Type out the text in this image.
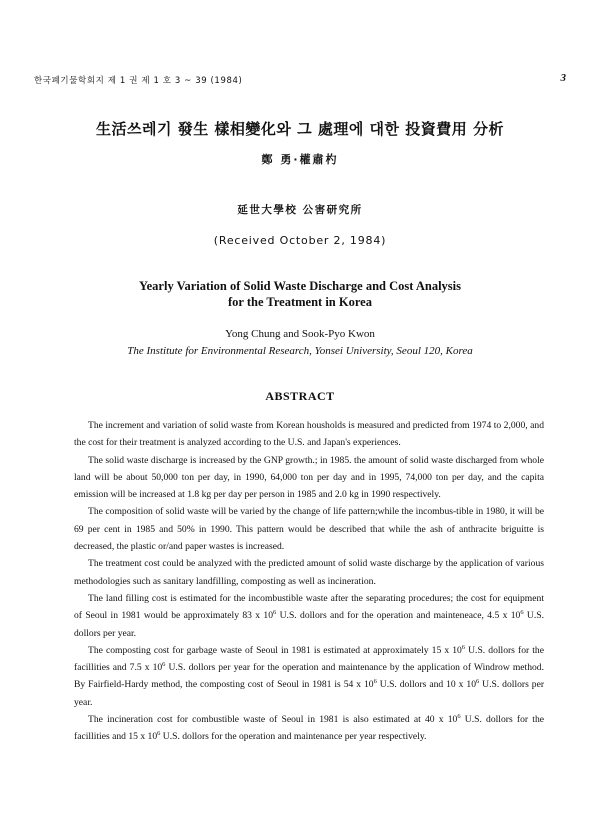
한국폐기물학회지 제 1 권 제 1 호 3 ~ 39 (1984)	3
生活쓰레기 發生 樣相變化와 그 處理에 대한 投資費用 分析
鄭 勇·權肅杓
延世大學校 公害研究所
(Received October 2, 1984)
Yearly Variation of Solid Waste Discharge and Cost Analysis
for the Treatment in Korea
Yong Chung and Sook-Pyo Kwon
The Institute for Environmental Research, Yonsei University, Seoul 120, Korea
ABSTRACT

The increment and variation of solid waste from Korean housholds is measured and predicted from 1974 to 2,000, and the cost for their treatment is analyzed according to the U.S. and Japan's experiences.

The solid waste discharge is increased by the GNP growth.; in 1985. the amount of solid waste discharged from whole land will be about 50,000 ton per day, in 1990, 64,000 ton per day and in 1995, 74,000 ton per day, and the capita emission will be increased at 1.8 kg per day per person in 1985 and 2.0 kg in 1990 respectively.

The composition of solid waste will be varied by the change of life pattern;while the incombus-tible in 1980, it will be 69 per cent in 1985 and 50% in 1990. This pattern would be described that while the ash of anthracite briguitte is decreased, the plastic or/and paper wastes is increased.

The treatment cost could be analyzed with the predicted amount of solid waste discharge by the application of various methodologies such as sanitary landfilling, composting as well as incineration.

The land filling cost is estimated for the incombustible waste after the separating procedures; the cost for equipment of Seoul in 1981 would be approximately 83 x $10^6$ U.S. dollors and for the operation and mainteneace, 4.5 x $10^6$ U.S. dollors per year.

The composting cost for garbage waste of Seoul in 1981 is estimated at approximately 15 x $10^6$ U.S. dollors for the facillities and 7.5 x $10^6$ U.S. dollors per year for the operation and maintenance by the application of Windrow method. By Fairfield-Hardy method, the composting cost of Seoul in 1981 is 54 x $10^6$ U.S. dollors and 10 x $10^6$ U.S. dollors per year.

The incineration cost for combustible waste of Seoul in 1981 is also estimated at 40 x $10^6$ U.S. dollors for the facillities and 15 x $10^6$ U.S. dollors for the operation and maintenance per year respectively.
